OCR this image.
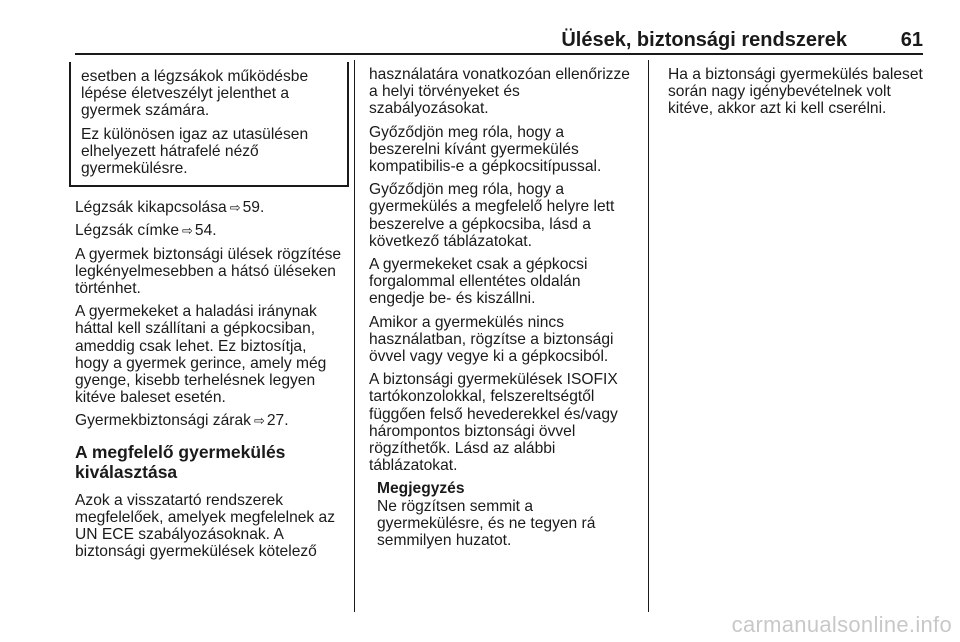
Ülések, biztonsági rendszerek	61

esetben a légzsákok működésbe lépése életveszélyt jelenthet a gyermek számára.

Ez különösen igaz az utasülésen elhelyezett hátrafelé néző gyermekülésre.

Légzsák kikapcsolása ⇨ 59.

Légzsák címke ⇨ 54.

A gyermek biztonsági ülések rögzítése legkényelmesebben a hátsó üléseken történhet.

A gyermekeket a haladási iránynak háttal kell szállítani a gépkocsiban, ameddig csak lehet. Ez biztosítja, hogy a gyermek gerince, amely még gyenge, kisebb terhelésnek legyen kitéve baleset esetén.

Gyermekbiztonsági zárak ⇨ 27.

A megfelelő gyermekülés kiválasztása

Azok a visszatartó rendszerek megfelelőek, amelyek megfelelnek az UN ECE szabályozásoknak. A biztonsági gyermekülések kötelező

használatára vonatkozóan ellenőrizze a helyi törvényeket és szabályozásokat.

Győződjön meg róla, hogy a beszerelni kívánt gyermekülés kompatibilis-e a gépkocsitípussal.

Győződjön meg róla, hogy a gyermekülés a megfelelő helyre lett beszerelve a gépkocsiba, lásd a következő táblázatokat.

A gyermekeket csak a gépkocsi forgalommal ellentétes oldalán engedje be- és kiszállni.

Amikor a gyermekülés nincs használatban, rögzítse a biztonsági övvel vagy vegye ki a gépkocsiból.

A biztonsági gyermekülések ISOFIX tartókonzolokkal, felszereltségtől függően felső hevederekkel és/vagy hárompontos biztonsági övvel rögzíthetők. Lásd az alábbi táblázatokat.

Megjegyzés
Ne rögzítsen semmit a gyermekülésre, és ne tegyen rá semmilyen huzatot.

Ha a biztonsági gyermekülés baleset során nagy igénybevételnek volt kitéve, akkor azt ki kell cserélni.

carmanualsonline.info
